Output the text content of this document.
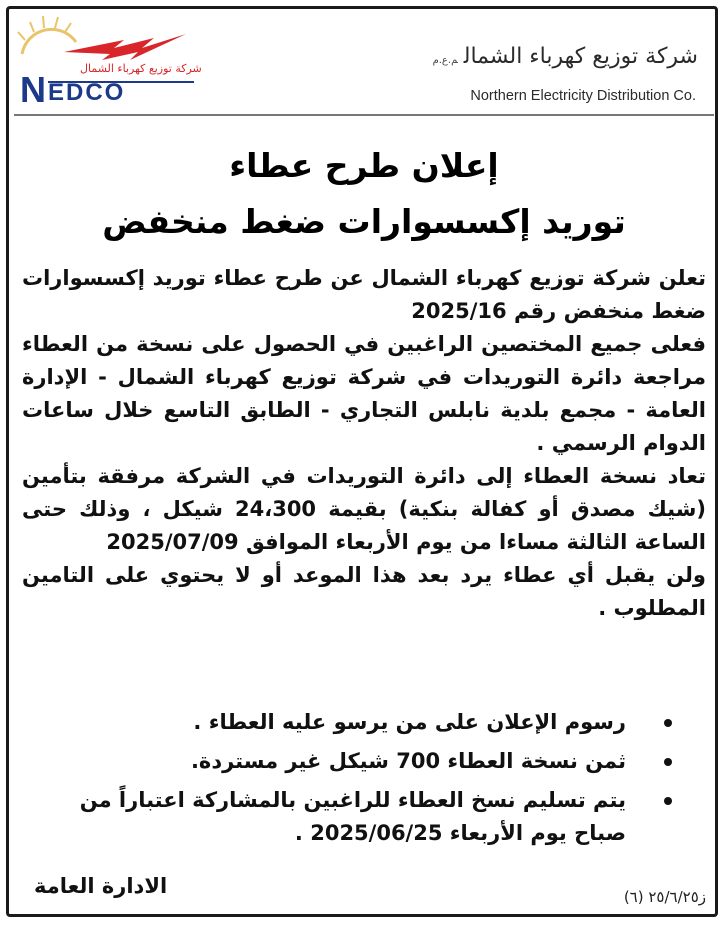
شركة توزيع كهرباء الشمال
N EDCO
شركة توزيع كهرباء الشمالم.ع.م
Northern Electricity Distribution Co.
إعلان طرح عطاء
توريد إكسسوارات ضغط منخفض

تعلن شركة توزيع كهرباء الشمال عن طرح عطاء توريد إكسسوارات ضغط منخفض رقم 2025/16

فعلى جميع المختصين الراغبين في الحصول على نسخة من العطاء مراجعة دائرة التوريدات في شركة توزيع كهرباء الشمال - الإدارة العامة - مجمع بلدية نابلس التجاري - الطابق التاسع خلال ساعات الدوام الرسمي .

تعاد نسخة العطاء إلى دائرة التوريدات في الشركة مرفقة بتأمين (شيك مصدق أو كفالة بنكية) بقيمة 24،300 شيكل ، وذلك حتى الساعة الثالثة مساءا من يوم الأربعاء الموافق 2025/07/09

ولن يقبل أي عطاء يرد بعد هذا الموعد أو لا يحتوي على التامين المطلوب .

رسوم الإعلان على من يرسو عليه العطاء .
ثمن نسخة العطاء 700 شيكل غير مستردة.
يتم تسليم نسخ العطاء للراغبين بالمشاركة اعتباراً من صباح يوم الأربعاء 2025/06/25 .
الادارة العامة	ز٢٥/٦/٢٥ (٦)
